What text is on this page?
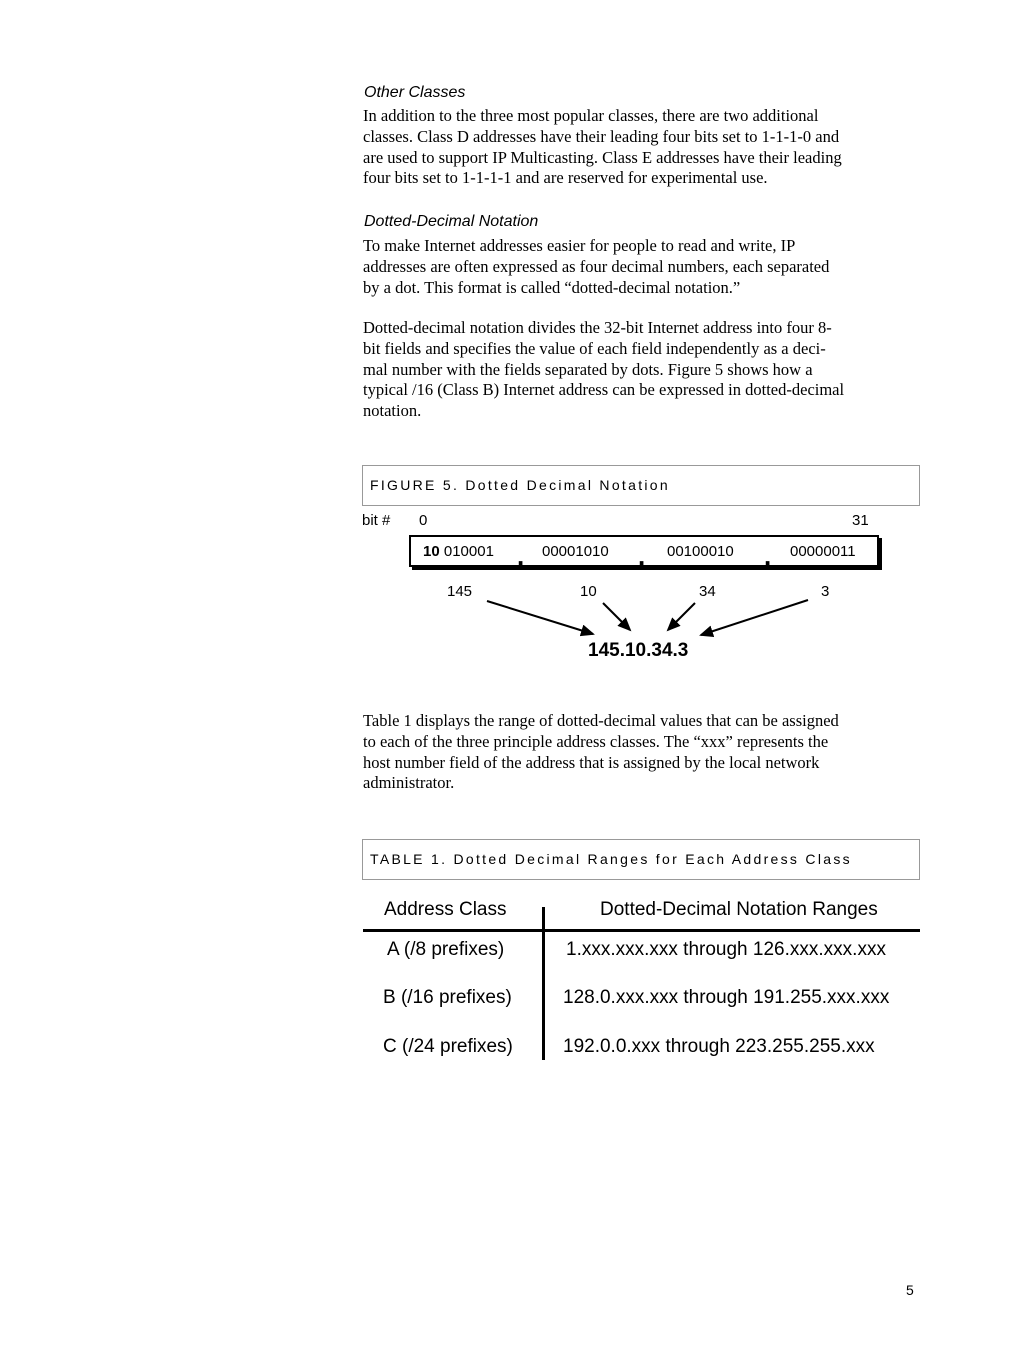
Other Classes
In addition to the three most popular classes, there are two additional
classes. Class D addresses have their leading four bits set to 1-1-1-0 and
are used to support IP Multicasting. Class E addresses have their leading
four bits set to 1-1-1-1 and are reserved for experimental use.
Dotted-Decimal Notation
To make Internet addresses easier for people to read and write, IP
addresses are often expressed as four decimal numbers, each separated
by a dot. This format is called “dotted-decimal notation.”
Dotted-decimal notation divides the 32-bit Internet address into four 8-
bit fields and specifies the value of each field independently as a deci-
mal number with the fields separated by dots. Figure 5 shows how a
typical /16 (Class B) Internet address can be expressed in dotted-decimal
notation.
FIGURE 5. Dotted Decimal Notation
bit # 0	31
10 010001 . 00001010 . 00100010 . 00000011
145	10	34	3
145.10.34.3
Table 1 displays the range of dotted-decimal values that can be assigned
to each of the three principle address classes. The “xxx” represents the
host number field of the address that is assigned by the local network
administrator.
TABLE 1. Dotted Decimal Ranges for Each Address Class
Address Class	Dotted-Decimal Notation Ranges
A (/8 prefixes)	1.xxx.xxx.xxx through 126.xxx.xxx.xxx
B (/16 prefixes)	128.0.xxx.xxx through 191.255.xxx.xxx
C (/24 prefixes)	192.0.0.xxx through 223.255.255.xxx
5
